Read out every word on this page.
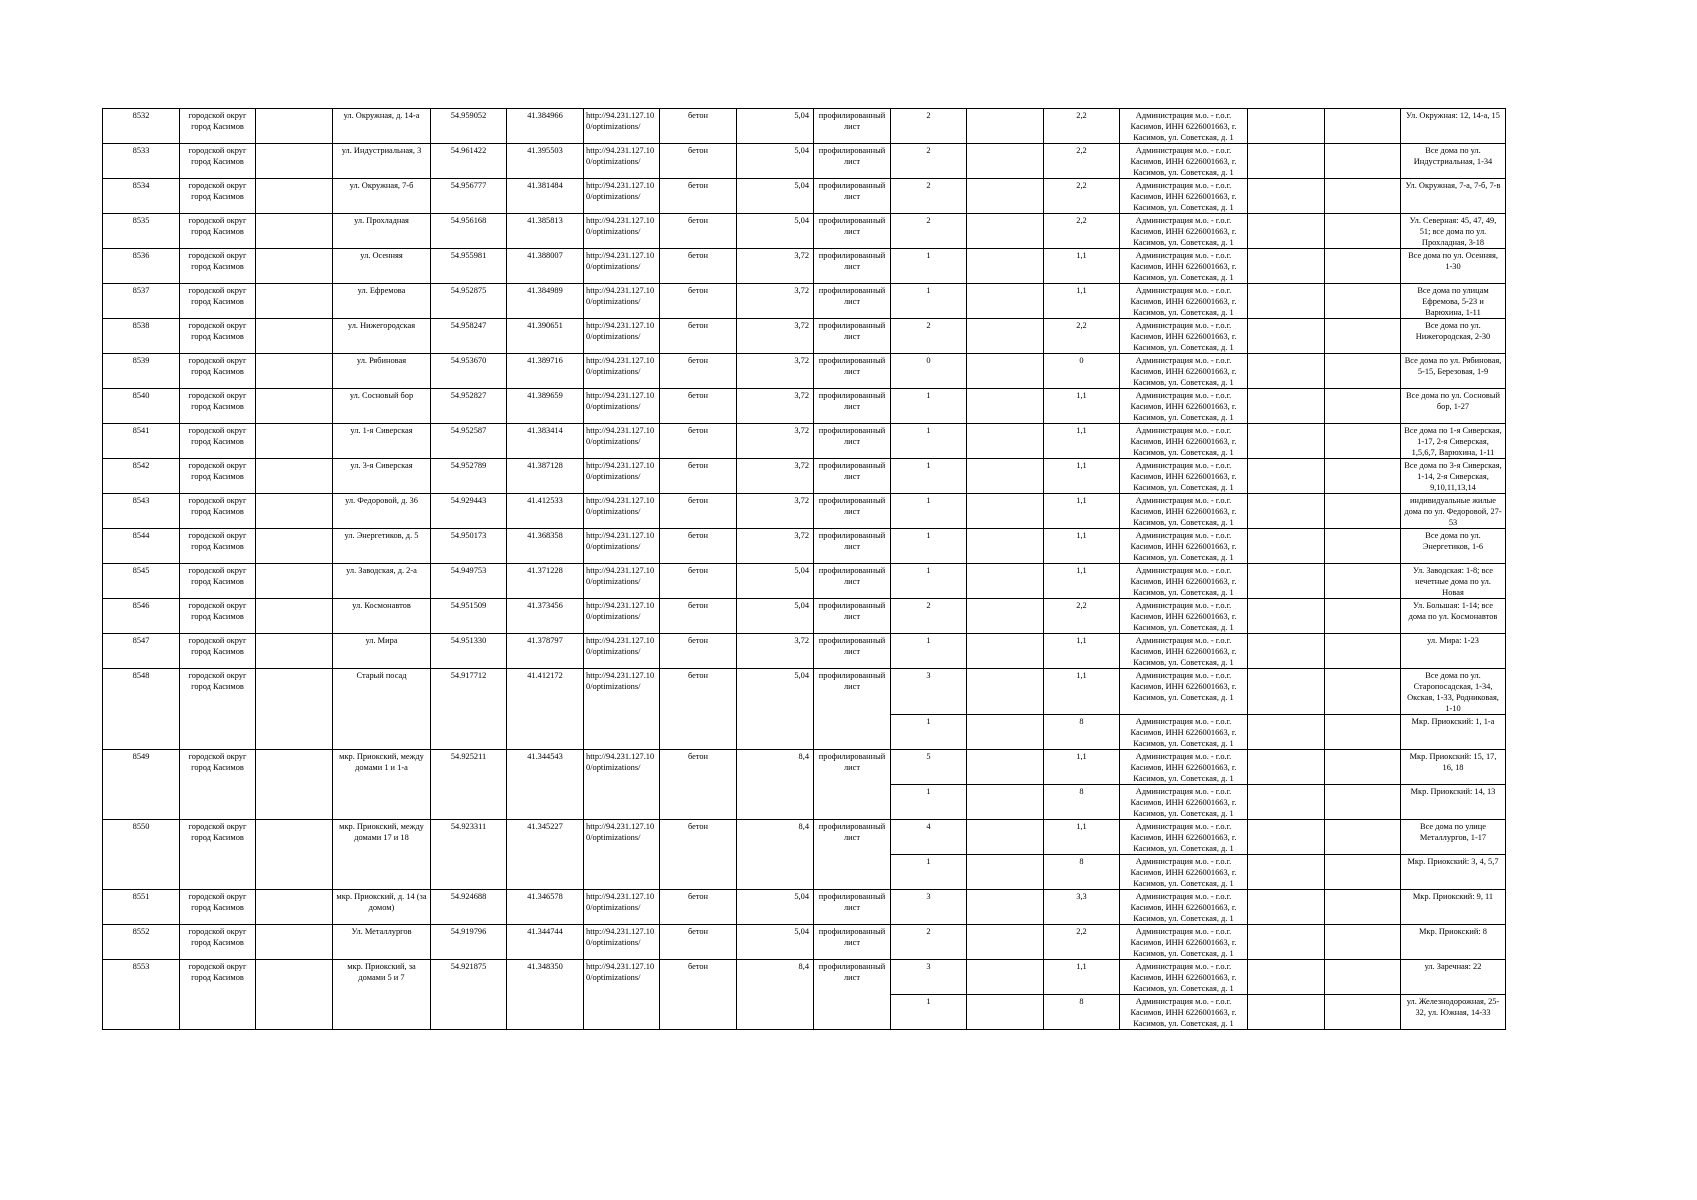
8532	городской округ город Касимов		ул. Окружная, д. 14-а	54.959052	41.384966	http://94.231.127.100/optimizations/	бетон	5,04	профилированный лист	2		2,2	Администрация м.о. - г.о.г. Касимов, ИНН 6226001663, г. Касимов, ул. Советская, д. 1			Ул. Окружная: 12, 14-а, 15
8533	городской округ город Касимов		ул. Индустриальная, 3	54.961422	41.395503	http://94.231.127.100/optimizations/	бетон	5,04	профилированный лист	2		2,2	Администрация м.о. - г.о.г. Касимов, ИНН 6226001663, г. Касимов, ул. Советская, д. 1			Все дома по ул. Индустриальная, 1-34
8534	городской округ город Касимов		ул. Окружная, 7-б	54.956777	41.381484	http://94.231.127.100/optimizations/	бетон	5,04	профилированный лист	2		2,2	Администрация м.о. - г.о.г. Касимов, ИНН 6226001663, г. Касимов, ул. Советская, д. 1			Ул. Окружная, 7-а, 7-б, 7-в
8535	городской округ город Касимов		ул. Прохладная	54.956168	41.385813	http://94.231.127.100/optimizations/	бетон	5,04	профилированный лист	2		2,2	Администрация м.о. - г.о.г. Касимов, ИНН 6226001663, г. Касимов, ул. Советская, д. 1			Ул. Северная: 45, 47, 49, 51; все дома по ул. Прохладная, 3-18
8536	городской округ город Касимов		ул. Осенняя	54.955981	41.388007	http://94.231.127.100/optimizations/	бетон	3,72	профилированный лист	1		1,1	Администрация м.о. - г.о.г. Касимов, ИНН 6226001663, г. Касимов, ул. Советская, д. 1			Все дома по ул. Осенняя, 1-30
8537	городской округ город Касимов		ул. Ефремова	54.952875	41.384989	http://94.231.127.100/optimizations/	бетон	3,72	профилированный лист	1		1,1	Администрация м.о. - г.о.г. Касимов, ИНН 6226001663, г. Касимов, ул. Советская, д. 1			Все дома по улицам Ефремова, 5-23 и Варюхина, 1-11
8538	городской округ город Касимов		ул. Нижегородская	54.958247	41.390651	http://94.231.127.100/optimizations/	бетон	3,72	профилированный лист	2		2,2	Администрация м.о. - г.о.г. Касимов, ИНН 6226001663, г. Касимов, ул. Советская, д. 1			Все дома по ул. Нижегородская, 2-30
8539	городской округ город Касимов		ул. Рябиновая	54.953670	41.389716	http://94.231.127.100/optimizations/	бетон	3,72	профилированный лист	0		0	Администрация м.о. - г.о.г. Касимов, ИНН 6226001663, г. Касимов, ул. Советская, д. 1			Все дома по ул. Рябиновая, 5-15, Березовая, 1-9
8540	городской округ город Касимов		ул. Сосновый бор	54.952827	41.389659	http://94.231.127.100/optimizations/	бетон	3,72	профилированный лист	1		1,1	Администрация м.о. - г.о.г. Касимов, ИНН 6226001663, г. Касимов, ул. Советская, д. 1			Все дома по ул. Сосновый бор, 1-27
8541	городской округ город Касимов		ул. 1-я Сиверская	54.952587	41.383414	http://94.231.127.100/optimizations/	бетон	3,72	профилированный лист	1		1,1	Администрация м.о. - г.о.г. Касимов, ИНН 6226001663, г. Касимов, ул. Советская, д. 1			Все дома по 1-я Сиверская, 1-17, 2-я Сиверская, 1,5,6,7, Варюхина, 1-11
8542	городской округ город Касимов		ул. 3-я Сиверская	54.952789	41.387128	http://94.231.127.100/optimizations/	бетон	3,72	профилированный лист	1		1,1	Администрация м.о. - г.о.г. Касимов, ИНН 6226001663, г. Касимов, ул. Советская, д. 1			Все дома по 3-я Сиверская, 1-14, 2-я Сиверская, 9,10,11,13,14
8543	городской округ город Касимов		ул. Федоровой, д. 36	54.929443	41.412533	http://94.231.127.100/optimizations/	бетон	3,72	профилированный лист	1		1,1	Администрация м.о. - г.о.г. Касимов, ИНН 6226001663, г. Касимов, ул. Советская, д. 1			индивидуальные жилые дома по ул. Федоровой, 27-53
8544	городской округ город Касимов		ул. Энергетиков, д. 5	54.950173	41.368358	http://94.231.127.100/optimizations/	бетон	3,72	профилированный лист	1		1,1	Администрация м.о. - г.о.г. Касимов, ИНН 6226001663, г. Касимов, ул. Советская, д. 1			Все дома по ул. Энергетиков, 1-6
8545	городской округ город Касимов		ул. Заводская, д. 2-а	54.949753	41.371228	http://94.231.127.100/optimizations/	бетон	5,04	профилированный лист	1		1,1	Администрация м.о. - г.о.г. Касимов, ИНН 6226001663, г. Касимов, ул. Советская, д. 1			Ул. Заводская: 1-8; все нечетные дома по ул. Новая
8546	городской округ город Касимов		ул. Космонавтов	54.951509	41.373456	http://94.231.127.100/optimizations/	бетон	5,04	профилированный лист	2		2,2	Администрация м.о. - г.о.г. Касимов, ИНН 6226001663, г. Касимов, ул. Советская, д. 1			Ул. Большая: 1-14; все дома по ул. Космонавтов
8547	городской округ город Касимов		ул. Мира	54.951330	41.378797	http://94.231.127.100/optimizations/	бетон	3,72	профилированный лист	1		1,1	Администрация м.о. - г.о.г. Касимов, ИНН 6226001663, г. Касимов, ул. Советская, д. 1			ул. Мира: 1-23
8548	городской округ город Касимов		Старый посад	54.917712	41.412172	http://94.231.127.100/optimizations/	бетон	5,04	профилированный лист	3		1,1	Администрация м.о. - г.о.г. Касимов, ИНН 6226001663, г. Касимов, ул. Советская, д. 1			Все дома по ул. Старопосадская, 1-34, Окская, 1-33, Родниковая, 1-10
										1		8	Администрация м.о. - г.о.г. Касимов, ИНН 6226001663, г. Касимов, ул. Советская, д. 1			Мкр. Приокский: 1, 1-а
8549	городской округ город Касимов		мкр. Приокский, между домами 1 и 1-а	54.925211	41.344543	http://94.231.127.100/optimizations/	бетон	8,4	профилированный лист	5		1,1	Администрация м.о. - г.о.г. Касимов, ИНН 6226001663, г. Касимов, ул. Советская, д. 1			Мкр. Приокский: 15, 17, 16, 18
										1		8	Администрация м.о. - г.о.г. Касимов, ИНН 6226001663, г. Касимов, ул. Советская, д. 1			Мкр. Приокский: 14, 13
8550	городской округ город Касимов		мкр. Приокский, между домами 17 и 18	54.923311	41.345227	http://94.231.127.100/optimizations/	бетон	8,4	профилированный лист	4		1,1	Администрация м.о. - г.о.г. Касимов, ИНН 6226001663, г. Касимов, ул. Советская, д. 1			Все дома по улице Металлургов, 1-17
										1		8	Администрация м.о. - г.о.г. Касимов, ИНН 6226001663, г. Касимов, ул. Советская, д. 1			Мкр. Приокский: 3, 4, 5,7
8551	городской округ город Касимов		мкр. Приокский, д. 14 (за домом)	54.924688	41.346578	http://94.231.127.100/optimizations/	бетон	5,04	профилированный лист	3		3,3	Администрация м.о. - г.о.г. Касимов, ИНН 6226001663, г. Касимов, ул. Советская, д. 1			Мкр. Приокский: 9, 11
8552	городской округ город Касимов		Ул. Металлургов	54.919796	41.344744	http://94.231.127.100/optimizations/	бетон	5,04	профилированный лист	2		2,2	Администрация м.о. - г.о.г. Касимов, ИНН 6226001663, г. Касимов, ул. Советская, д. 1			Мкр. Приокский: 8
8553	городской округ город Касимов		мкр. Приокский, за домами 5 и 7	54.921875	41.348350	http://94.231.127.100/optimizations/	бетон	8,4	профилированный лист	3		1,1	Администрация м.о. - г.о.г. Касимов, ИНН 6226001663, г. Касимов, ул. Советская, д. 1			ул. Заречная: 22
										1		8	Администрация м.о. - г.о.г. Касимов, ИНН 6226001663, г. Касимов, ул. Советская, д. 1			ул. Железнодорожная, 25-32, ул. Южная, 14-33
